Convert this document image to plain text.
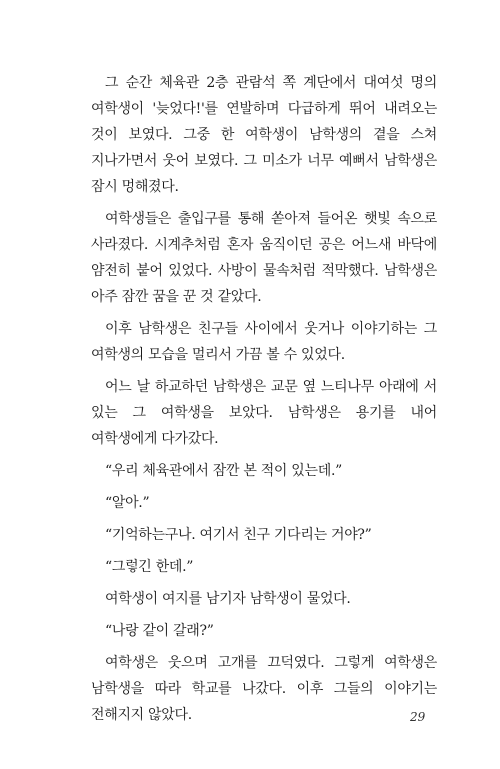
그 순간 체육관 2층 관람석 쪽 계단에서 대여섯 명의 여학생이 '늦었다!'를 연발하며 다급하게 뛰어 내려오는 것이 보였다. 그중 한 여학생이 남학생의 곁을 스쳐 지나가면서 웃어 보였다. 그 미소가 너무 예뻐서 남학생은 잠시 멍해졌다.

여학생들은 출입구를 통해 쏟아져 들어온 햇빛 속으로 사라졌다. 시계추처럼 혼자 움직이던 공은 어느새 바닥에 얌전히 붙어 있었다. 사방이 물속처럼 적막했다. 남학생은 아주 잠깐 꿈을 꾼 것 같았다.

이후 남학생은 친구들 사이에서 웃거나 이야기하는 그 여학생의 모습을 멀리서 가끔 볼 수 있었다.

어느 날 하교하던 남학생은 교문 옆 느티나무 아래에 서 있는 그 여학생을 보았다. 남학생은 용기를 내어 여학생에게 다가갔다.

“우리 체육관에서 잠깐 본 적이 있는데.”

“알아.”

“기억하는구나. 여기서 친구 기다리는 거야?”

“그렇긴 한데.”

여학생이 여지를 남기자 남학생이 물었다.

“나랑 같이 갈래?”

여학생은 웃으며 고개를 끄덕였다. 그렇게 여학생은 남학생을 따라 학교를 나갔다. 이후 그들의 이야기는 전해지지 않았다.	29
